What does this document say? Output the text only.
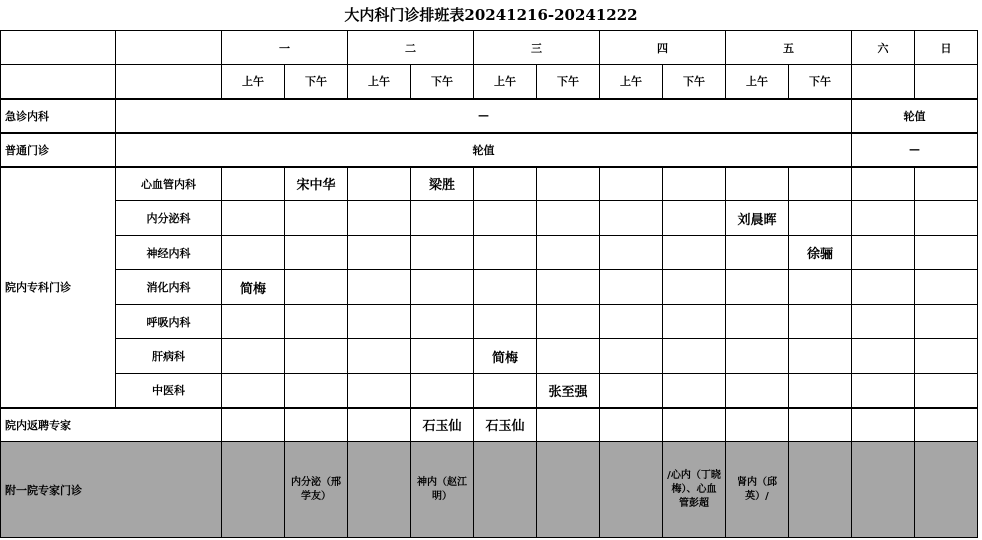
大内科门诊排班表20241216-20241222
		一		二		三		四		五		六	日
		上午	下午	上午	下午	上午	下午	上午	下午	上午	下午		
急诊内科	—											轮值	
普通门诊	轮值											—	
院内专科门诊	心血管内科		宋中华		梁胜								
	内分泌科									刘晨晖			
	神经内科										徐骊		
	消化内科	简梅											
	呼吸内科												
	肝病科					简梅							
	中医科						张至强						
院内返聘专家					石玉仙	石玉仙							
附一院专家门诊			内分泌（邢学友）		神内（赵江明）				/心内（丁晓梅）、心血管彭超	肾内（邱英）/			
